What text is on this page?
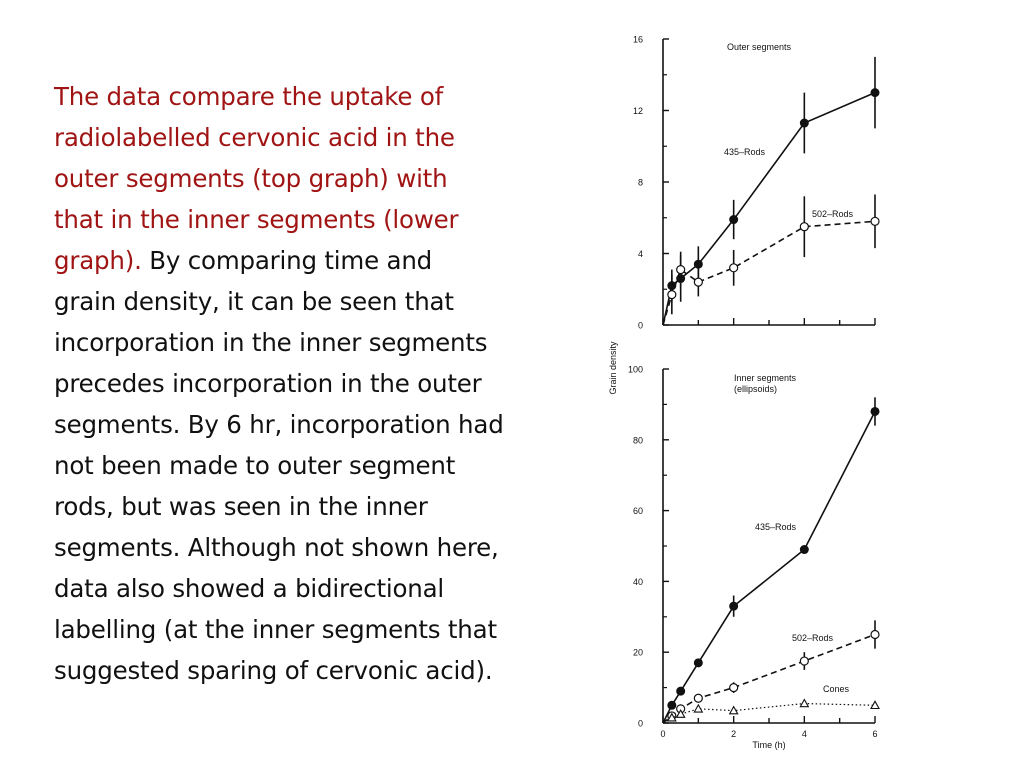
The data compare the uptake of
radiolabelled cervonic acid in the
outer segments (top graph) with
that in the inner segments (lower
graph). By comparing time and
grain density, it can be seen that
incorporation in the inner segments
precedes incorporation in the outer
segments. By 6 hr, incorporation had
not been made to outer segment
rods, but was seen in the inner
segments. Although not shown here,
data also showed a bidirectional
labelling (at the inner segments that
suggested sparing of cervonic acid).
0
4
8
12
16
Outer segments
435–Rods
502–Rods
0
20
40
60
80
100
0	2	4	6
Time (h)
Inner segments (ellipsoids)
435–Rods
502–Rods
Cones
Grain density
